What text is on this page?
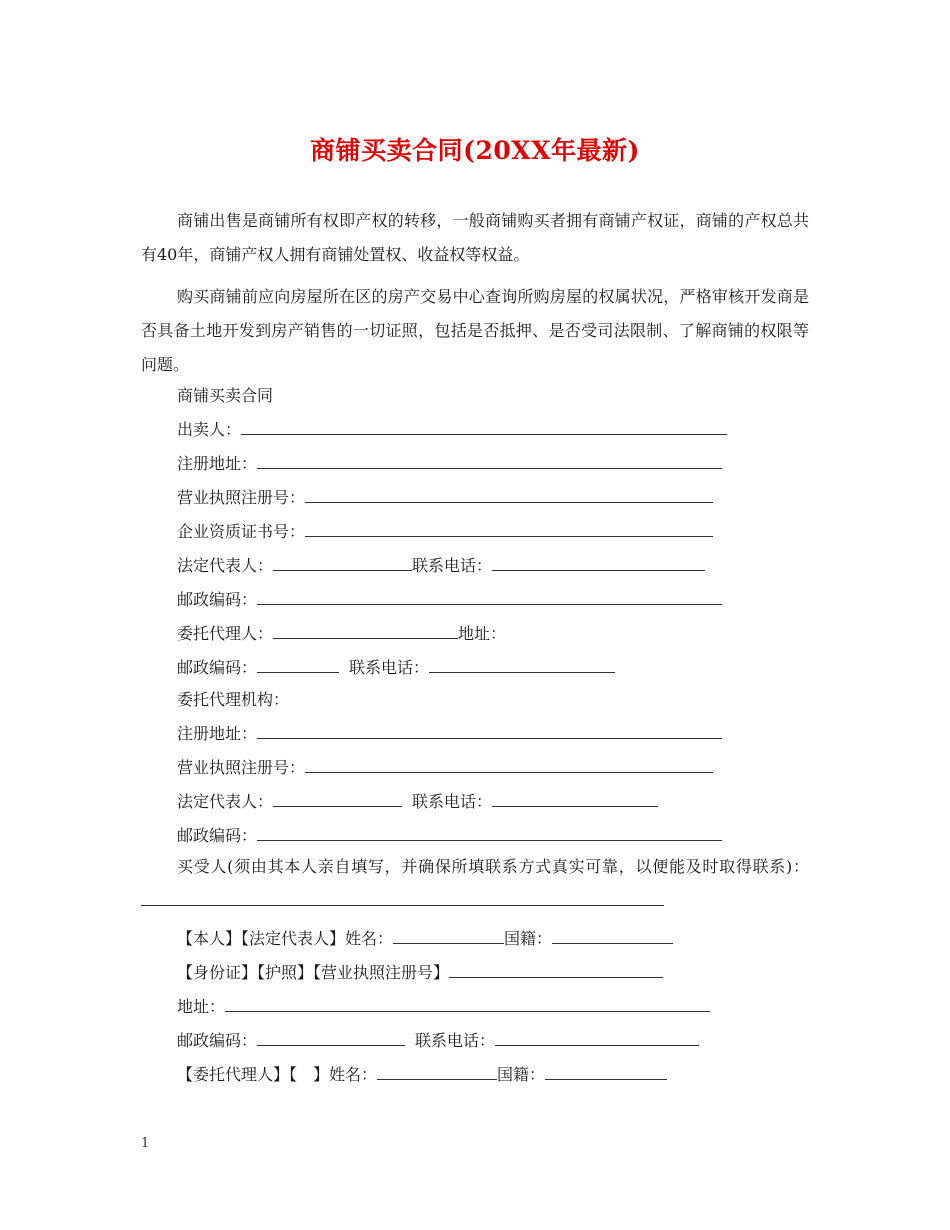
商铺买卖合同(20XX年最新)

商铺出售是商铺所有权即产权的转移，一般商铺购买者拥有商铺产权证，商铺的产权总共有40年，商铺产权人拥有商铺处置权、收益权等权益。

购买商铺前应向房屋所在区的房产交易中心查询所购房屋的权属状况，严格审核开发商是否具备土地开发到房产销售的一切证照，包括是否抵押、是否受司法限制、了解商铺的权限等问题。

商铺买卖合同
出卖人：
注册地址：
营业执照注册号：
企业资质证书号：
法定代表人：	联系电话：
邮政编码：
委托代理人：	地址：
邮政编码：	联系电话：
委托代理机构：
注册地址：
营业执照注册号：
法定代表人：	联系电话：
邮政编码：

买受人(须由其本人亲自填写，并确保所填联系方式真实可靠，以便能及时取得联系)：

【本人】【法定代表人】姓名：	国籍：
【身份证】【护照】【营业执照注册号】
地址：
邮政编码：	联系电话：
【委托代理人】【　】姓名：	国籍：
1
